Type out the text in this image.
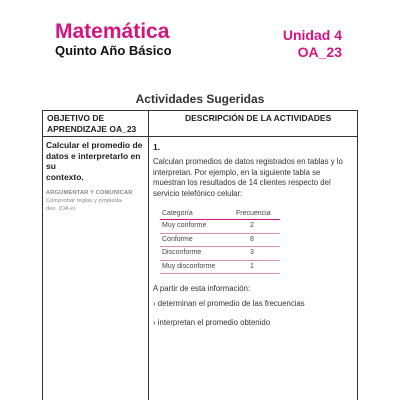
Matemática
Quinto Año Básico
Unidad 4
OA_23
Actividades Sugeridas
OBJETIVO DE
APRENDIZAJE OA_23
DESCRIPCIÓN DE LA ACTIVIDADES
Calcular el promedio de
datos e interpretarlo en su
contexto.
ARGUMENTAR Y COMUNICAR
Comprobar reglas y propieda-
des. (OA e)
1.
Calculan promedios de datos registrados en tablas y lo
interpretan. Por ejemplo, en la siguiente tabla se
muestran los resultados de 14 clientes respecto del
servicio telefónico celular:
Categoría	Frecuencia
Muy conforme	2
Conforme	8
Disconforme	3
Muy disconforme	1
A partir de esta información:
› determinan el promedio de las frecuencias
› interpretan el promedio obtenido
